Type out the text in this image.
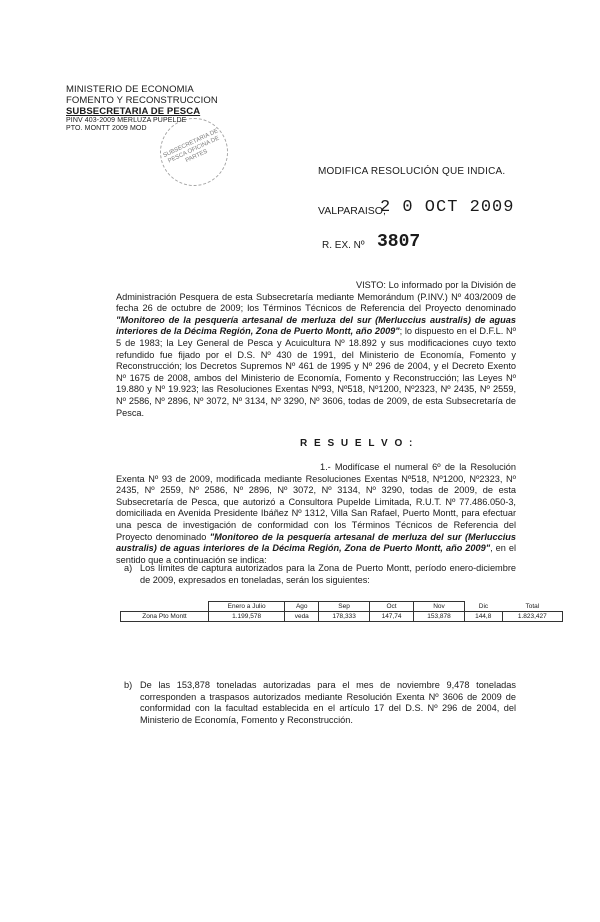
MINISTERIO DE ECONOMIA
FOMENTO Y RECONSTRUCCION
SUBSECRETARIA DE PESCA
PINV 403-2009 MERLUZA PUPELDE
PTO. MONTT 2009 MOD	SUBSECRETARIA DE PESCA OFICINA DE PARTES
MODIFICA RESOLUCIÓN QUE INDICA.
VALPARAISO,
2 0 OCT 2009
R. EX. Nº 3807
VISTO: Lo informado por la División de Administración Pesquera de esta Subsecretaría mediante Memorándum (P.INV.) Nº 403/2009 de fecha 26 de octubre de 2009; los Términos Técnicos de Referencia del Proyecto denominado "Monitoreo de la pesquería artesanal de merluza del sur (Merluccius australis) de aguas interiores de la Décima Región, Zona de Puerto Montt, año 2009"; lo dispuesto en el D.F.L. Nº 5 de 1983; la Ley General de Pesca y Acuicultura Nº 18.892 y sus modificaciones cuyo texto refundido fue fijado por el D.S. Nº 430 de 1991, del Ministerio de Economía, Fomento y Reconstrucción; los Decretos Supremos Nº 461 de 1995 y Nº 296 de 2004, y el Decreto Exento Nº 1675 de 2008, ambos del Ministerio de Economía, Fomento y Reconstrucción; las Leyes Nº 19.880 y Nº 19.923; las Resoluciones Exentas Nº93, Nº518, Nº1200, Nº2323, Nº 2435, Nº 2559, Nº 2586, Nº 2896, Nº 3072, Nº 3134, Nº 3290, Nº 3606, todas de 2009, de esta Subsecretaría de Pesca.
R E S U E L V O :
1.- Modifícase el numeral 6º de la Resolución Exenta Nº 93 de 2009, modificada mediante Resoluciones Exentas Nº518, Nº1200, Nº2323, Nº 2435, Nº 2559, Nº 2586, Nº 2896, Nº 3072, Nº 3134, Nº 3290, todas de 2009, de esta Subsecretaría de Pesca, que autorizó a Consultora Pupelde Limitada, R.U.T. Nº 77.486.050-3, domiciliada en Avenida Presidente Ibáñez Nº 1312, Villa San Rafael, Puerto Montt, para efectuar una pesca de investigación de conformidad con los Términos Técnicos de Referencia del Proyecto denominado "Monitoreo de la pesquería artesanal de merluza del sur (Merluccius australis) de aguas interiores de la Décima Región, Zona de Puerto Montt, año 2009", en el sentido que a continuación se indica:
a) Los límites de captura autorizados para la Zona de Puerto Montt, período enero-diciembre de 2009, expresados en toneladas, serán los siguientes:
	Enero a Julio	Ago	Sep	Oct	Nov	Dic	Total
Zona Pto Montt	1.199,578	veda	178,333	147,74	153,878	144,8	1.823,427
b) De las 153,878 toneladas autorizadas para el mes de noviembre 9,478 toneladas corresponden a traspasos autorizados mediante Resolución Exenta Nº 3606 de 2009 de conformidad con la facultad establecida en el artículo 17 del D.S. Nº 296 de 2004, del Ministerio de Economía, Fomento y Reconstrucción.
